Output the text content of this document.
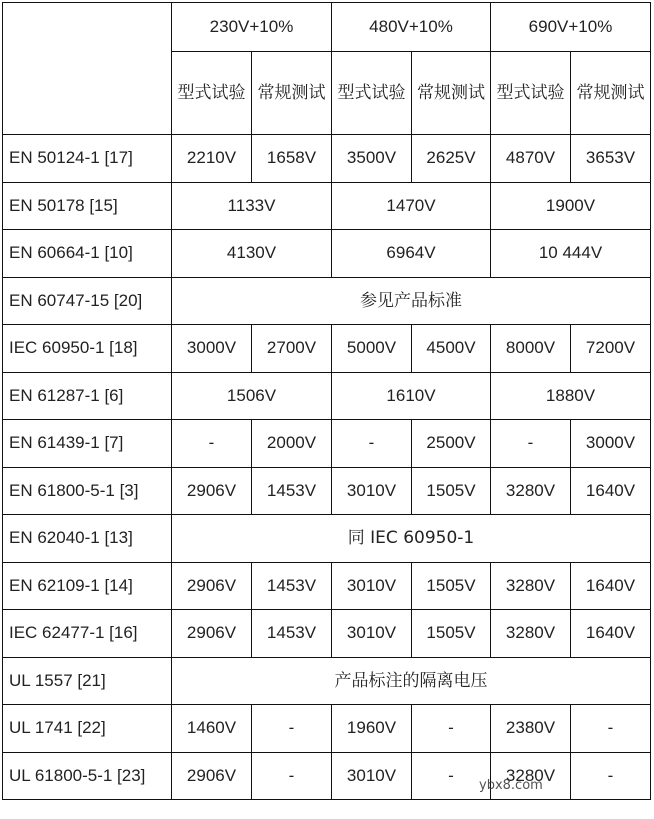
	230V+10%		480V+10%		690V+10%	
	型式试验	常规测试	型式试验	常规测试	型式试验	常规测试
EN 50124-1 [17]	2210V	1658V	3500V	2625V	4870V	3653V
EN 50178 [15]	1133V		1470V		1900V	
EN 60664-1 [10]	4130V		6964V		10 444V	
EN 60747-15 [20]	参见产品标准					
IEC 60950-1 [18]	3000V	2700V	5000V	4500V	8000V	7200V
EN 61287-1 [6]	1506V		1610V		1880V	
EN 61439-1 [7]	-	2000V	-	2500V	-	3000V
EN 61800-5-1 [3]	2906V	1453V	3010V	1505V	3280V	1640V
EN 62040-1 [13]	同 IEC 60950-1					
EN 62109-1 [14]	2906V	1453V	3010V	1505V	3280V	1640V
IEC 62477-1 [16]	2906V	1453V	3010V	1505V	3280V	1640V
UL 1557 [21]	产品标注的隔离电压					
UL 1741 [22]	1460V	-	1960V	-	2380V	-
UL 61800-5-1 [23]	2906V	-	3010V	-	3280V	-
ybx8.com
